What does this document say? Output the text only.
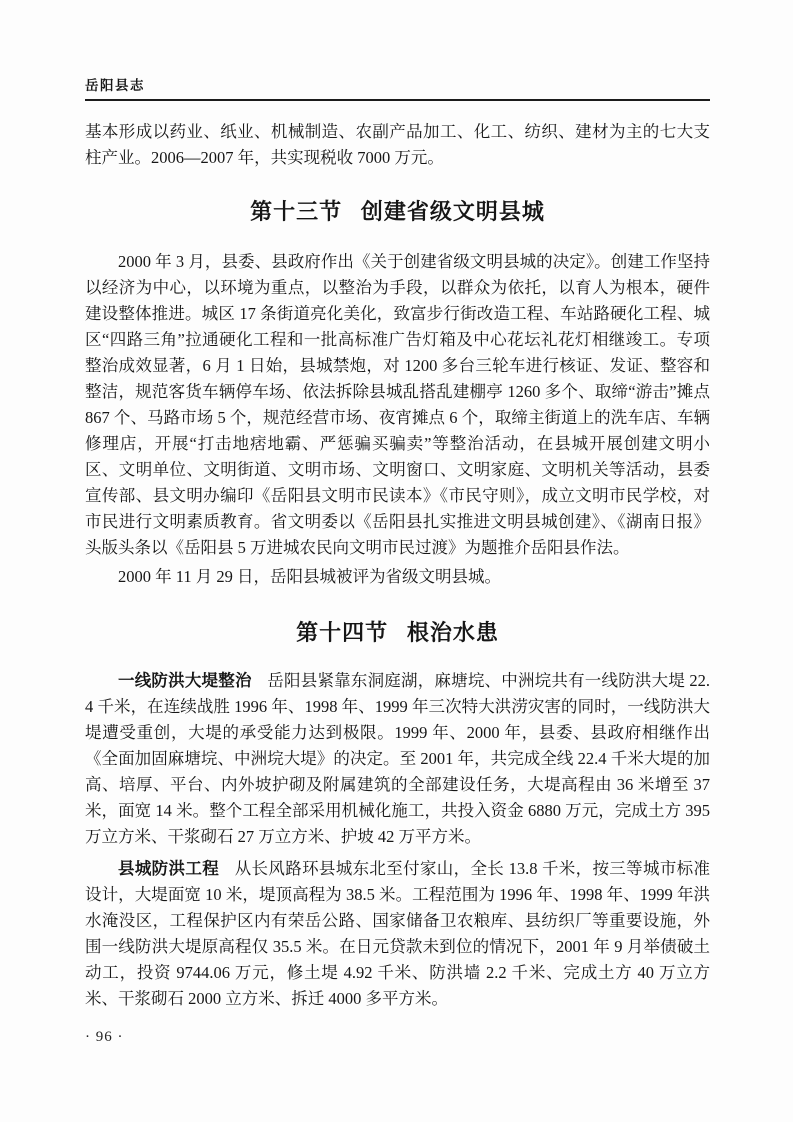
岳阳县志

基本形成以药业、纸业、机械制造、农副产品加工、化工、纺织、建材为主的七大支柱产业。2006—2007 年，共实现税收 7000 万元。

第十三节 创建省级文明县城

2000 年 3 月，县委、县政府作出《关于创建省级文明县城的决定》。创建工作坚持以经济为中心，以环境为重点，以整治为手段，以群众为依托，以育人为根本，硬件建设整体推进。城区 17 条街道亮化美化，致富步行街改造工程、车站路硬化工程、城区“四路三角”拉通硬化工程和一批高标准广告灯箱及中心花坛礼花灯相继竣工。专项整治成效显著，6 月 1 日始，县城禁炮，对 1200 多台三轮车进行核证、发证、整容和整洁，规范客货车辆停车场、依法拆除县城乱搭乱建棚亭 1260 多个、取缔“游击”摊点 867 个、马路市场 5 个，规范经营市场、夜宵摊点 6 个，取缔主街道上的洗车店、车辆修理店，开展“打击地痞地霸、严惩骗买骗卖”等整治活动，在县城开展创建文明小区、文明单位、文明街道、文明市场、文明窗口、文明家庭、文明机关等活动，县委宣传部、县文明办编印《岳阳县文明市民读本》《市民守则》，成立文明市民学校，对市民进行文明素质教育。省文明委以《岳阳县扎实推进文明县城创建》、《湖南日报》头版头条以《岳阳县 5 万进城农民向文明市民过渡》为题推介岳阳县作法。

2000 年 11 月 29 日，岳阳县城被评为省级文明县城。

第十四节 根治水患

一线防洪大堤整治 岳阳县紧靠东洞庭湖，麻塘垸、中洲垸共有一线防洪大堤 22.4 千米，在连续战胜 1996 年、1998 年、1999 年三次特大洪涝灾害的同时，一线防洪大堤遭受重创，大堤的承受能力达到极限。1999 年、2000 年，县委、县政府相继作出《全面加固麻塘垸、中洲垸大堤》的决定。至 2001 年，共完成全线 22.4 千米大堤的加高、培厚、平台、内外坡护砌及附属建筑的全部建设任务，大堤高程由 36 米增至 37 米，面宽 14 米。整个工程全部采用机械化施工，共投入资金 6880 万元，完成土方 395 万立方米、干浆砌石 27 万立方米、护坡 42 万平方米。

县城防洪工程 从长风路环县城东北至付家山，全长 13.8 千米，按三等城市标准设计，大堤面宽 10 米，堤顶高程为 38.5 米。工程范围为 1996 年、1998 年、1999 年洪水淹没区，工程保护区内有荣岳公路、国家储备卫农粮库、县纺织厂等重要设施，外围一线防洪大堤原高程仅 35.5 米。在日元贷款未到位的情况下，2001 年 9 月举债破土动工，投资 9744.06 万元，修土堤 4.92 千米、防洪墙 2.2 千米、完成土方 40 万立方米、干浆砌石 2000 立方米、拆迁 4000 多平方米。

· 96 ·
